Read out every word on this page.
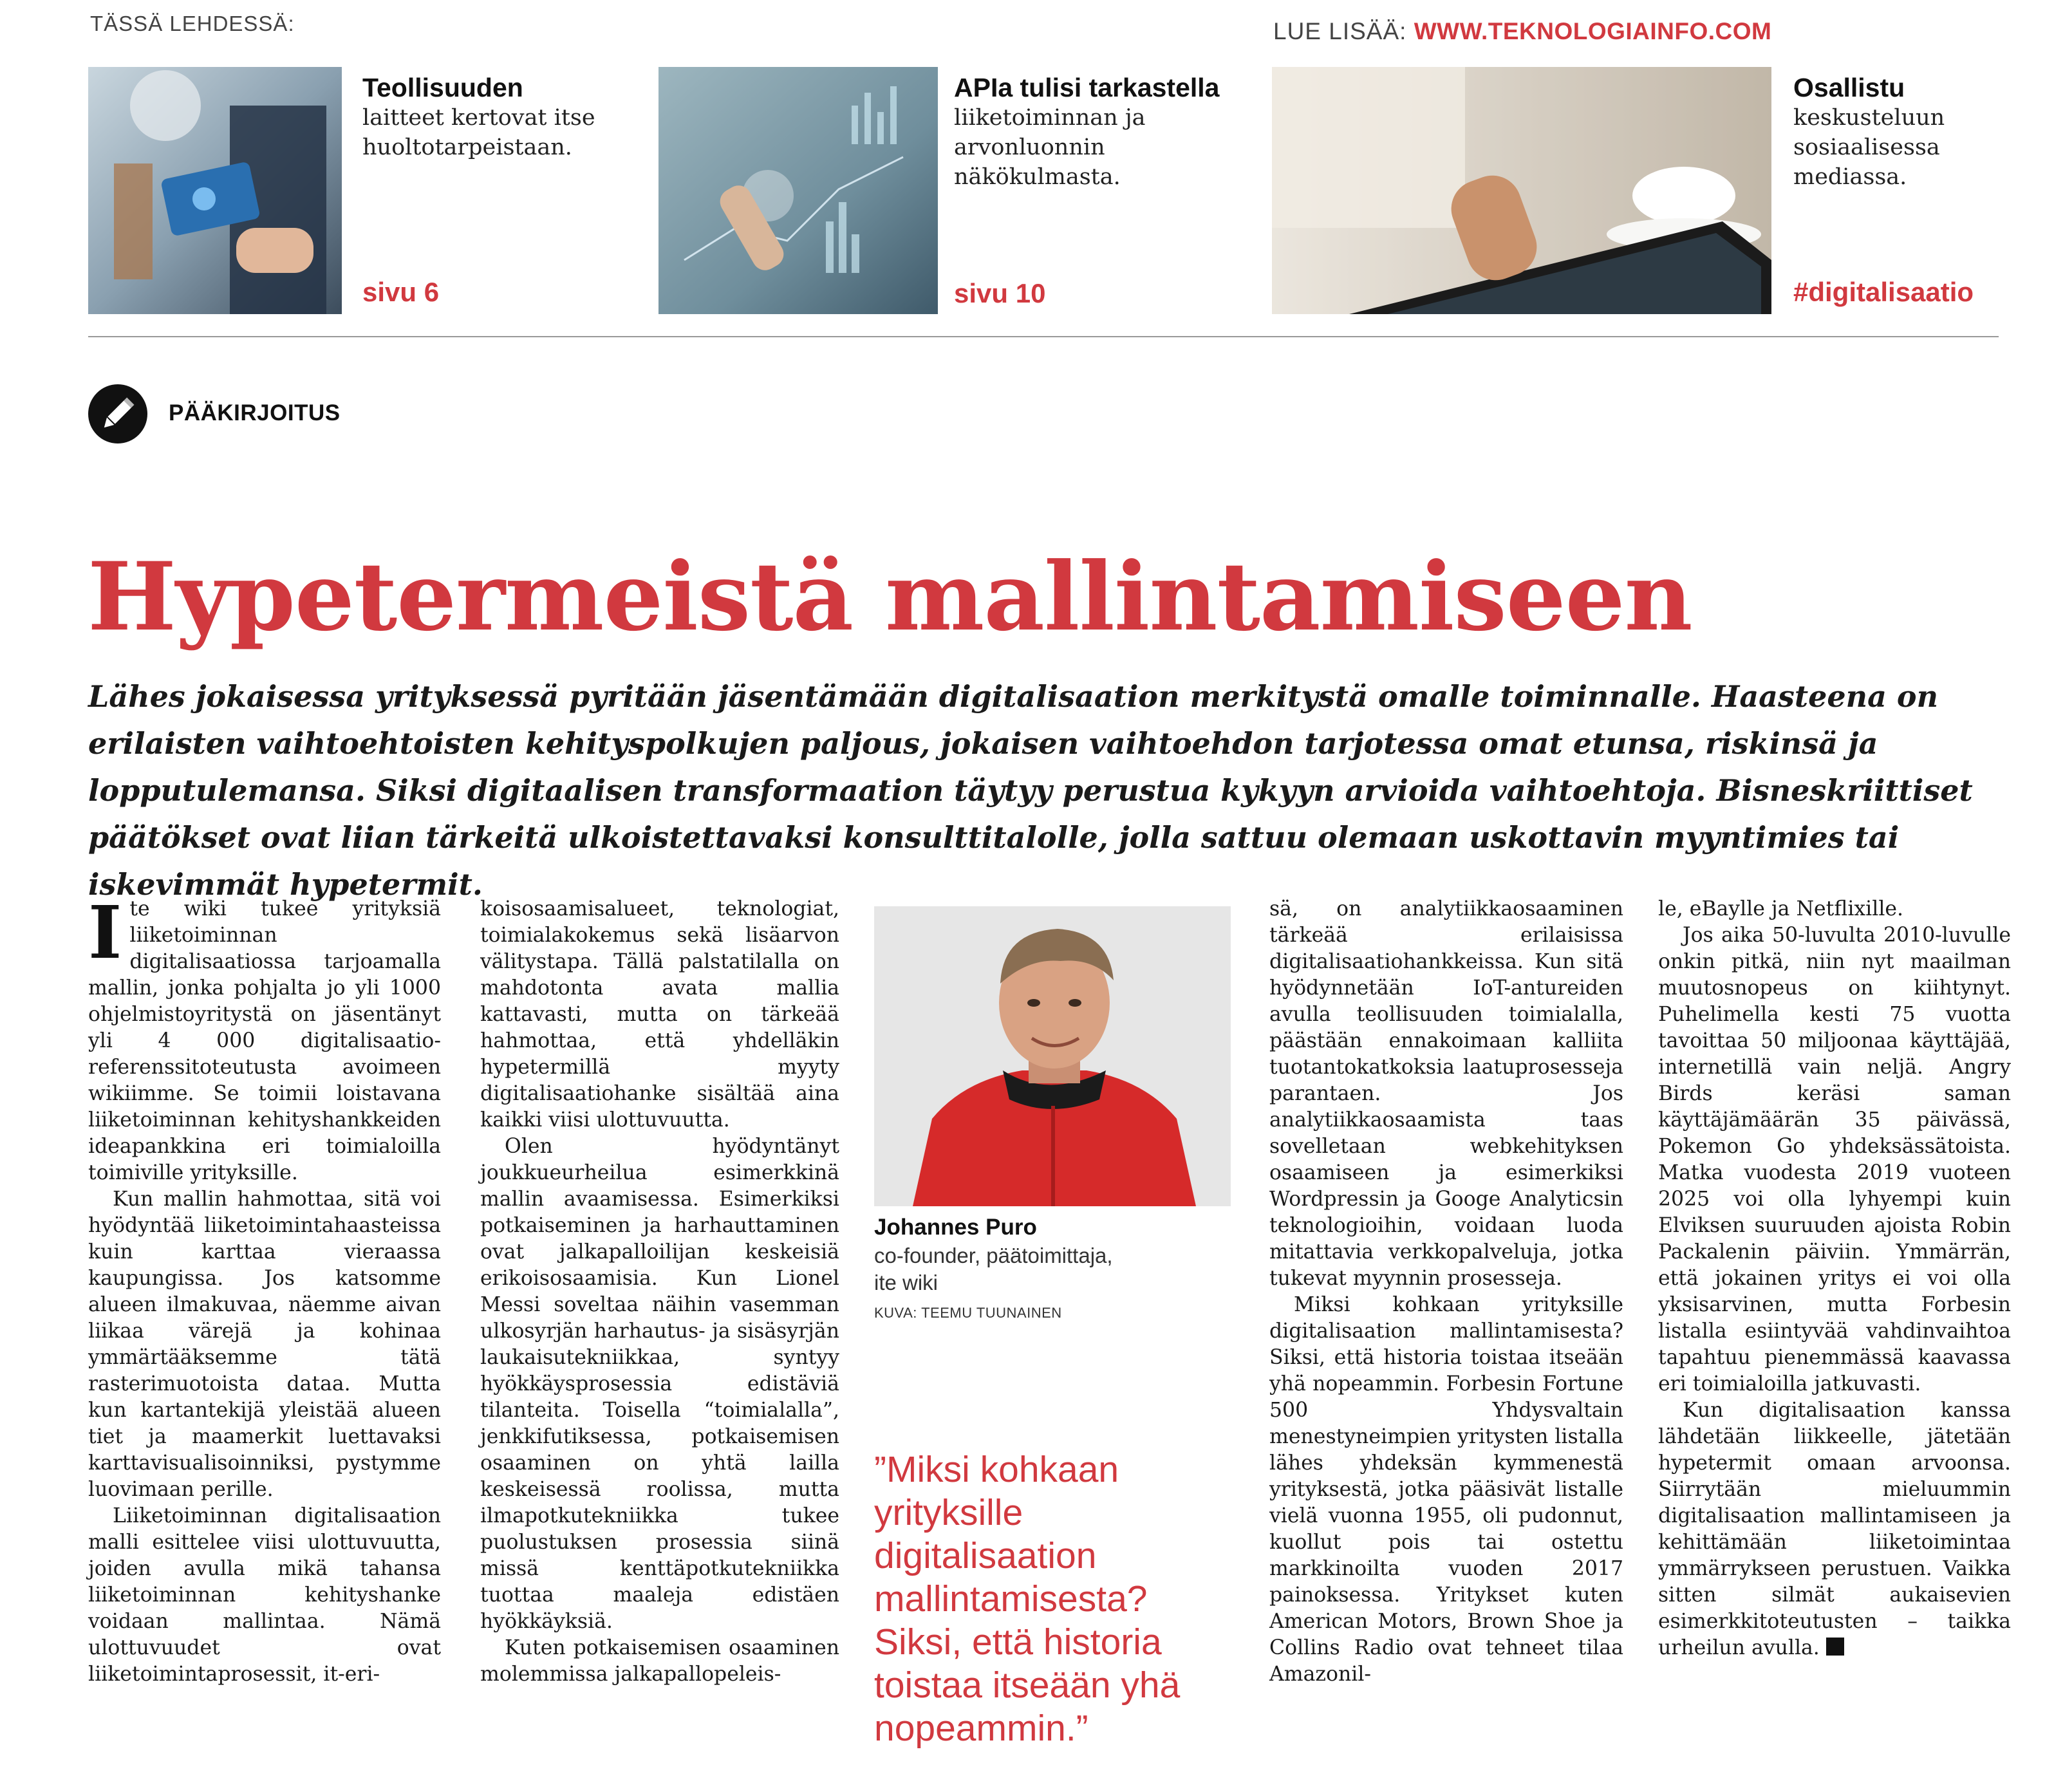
TÄSSÄ LEHDESSÄ:	LUE LISÄÄ: WWW.TEKNOLOGIAINFO.COM
Teollisuuden
laitteet kertovat itse huoltotarpeistaan.
sivu 6
APIa tulisi tarkastella
liiketoiminnan ja arvonluonnin näkökulmasta.
sivu 10
Osallistu
keskusteluun sosiaalisessa mediassa.
#digitalisaatio
PÄÄKIRJOITUS
Hypetermeistä mallintamiseen
Lähes jokaisessa yrityksessä pyritään jäsentämään digitalisaation merkitystä omalle toiminnalle. Haasteena on erilaisten vaihtoehtoisten kehityspolkujen paljous, jokaisen vaihtoehdon tarjotessa omat etunsa, riskinsä ja lopputulemansa. Siksi digitaalisen transformaation täytyy perustua kykyyn arvioida vaihtoehtoja. Bisneskriittiset päätökset ovat liian tärkeitä ulkoistettavaksi konsulttitalolle, jolla sattuu olemaan uskottavin myyntimies tai iskevimmät hypetermit.

Ite wiki tukee yrityksiä liiketoiminnan digitalisaatiossa tarjoamalla mallin, jonka pohjalta jo yli 1000 ohjelmistoyritystä on jäsentänyt yli 4 000 digitalisaatio-referenssitoteutusta avoimeen wikiimme. Se toimii loistavana liiketoiminnan kehityshankkeiden ideapankkina eri toimialoilla toimiville yrityksille.

Kun mallin hahmottaa, sitä voi hyödyntää liiketoimintahaasteissa kuin karttaa vieraassa kaupungissa. Jos katsomme alueen ilmakuvaa, näemme aivan liikaa värejä ja kohinaa ymmärtääksemme tätä rasterimuotoista dataa. Mutta kun kartantekijä yleistää alueen tiet ja maamerkit luettavaksi karttavisualisoinniksi, pystymme luovimaan perille.

Liiketoiminnan digitalisaation malli esittelee viisi ulottuvuutta, joiden avulla mikä tahansa liiketoiminnan kehityshanke voidaan mallintaa. Nämä ulottuvuudet ovat liiketoimintaprosessit, it-eri-

koisosaamisalueet, teknologiat, toimialakokemus sekä lisäarvon välitystapa. Tällä palstatilalla on mahdotonta avata mallia kattavasti, mutta on tärkeää hahmottaa, että yhdelläkin hypetermillä myyty digitalisaatiohanke sisältää aina kaikki viisi ulottuvuutta.

Olen hyödyntänyt joukkueurheilua esimerkkinä mallin avaamisessa. Esimerkiksi potkaiseminen ja harhauttaminen ovat jalkapalloilijan keskeisiä erikoisosaamisia. Kun Lionel Messi soveltaa näihin vasemman ulkosyrjän harhautus- ja sisäsyrjän laukaisutekniikkaa, syntyy hyökkäysprosessia edistäviä tilanteita. Toisella “toimialalla”, jenkkifutiksessa, potkaisemisen osaaminen on yhtä lailla keskeisessä roolissa, mutta ilmapotkutekniikka tukee puolustuksen prosessia siinä missä kenttäpotkutekniikka tuottaa maaleja edistäen hyökkäyksiä.

Kuten potkaisemisen osaaminen molemmissa jalkapallopeleis-

Johannes Puro
co-founder, päätoimittaja,
ite wiki
KUVA: TEEMU TUUNAINEN
”Miksi kohkaan yrityksille digitalisaation mallintamisesta? Siksi, että historia toistaa itseään yhä nopeammin.”

sä, on analytiikkaosaaminen tärkeää erilaisissa digitalisaatiohankkeissa. Kun sitä hyödynnetään IoT-antureiden avulla teollisuuden toimialalla, päästään ennakoimaan kalliita tuotantokatkoksia laatuprosesseja parantaen. Jos analytiikkaosaamista taas sovelletaan webkehityksen osaamiseen ja esimerkiksi Wordpressin ja Googe Analyticsin teknologioihin, voidaan luoda mitattavia verkkopalveluja, jotka tukevat myynnin prosesseja.

Miksi kohkaan yrityksille digitalisaation mallintamisesta? Siksi, että historia toistaa itseään yhä nopeammin. Forbesin Fortune 500 Yhdysvaltain menestyneimpien yritysten listalla lähes yhdeksän kymmenestä yrityksestä, jotka pääsivät listalle vielä vuonna 1955, oli pudonnut, kuollut pois tai ostettu markkinoilta vuoden 2017 painoksessa. Yritykset kuten American Motors, Brown Shoe ja Collins Radio ovat tehneet tilaa Amazonil-

le, eBaylle ja Netflixille.

Jos aika 50-luvulta 2010-luvulle onkin pitkä, niin nyt maailman muutosnopeus on kiihtynyt. Puhelimella kesti 75 vuotta tavoittaa 50 miljoonaa käyttäjää, internetillä vain neljä. Angry Birds keräsi saman käyttäjämäärän 35 päivässä, Pokemon Go yhdeksässätoista. Matka vuodesta 2019 vuoteen 2025 voi olla lyhyempi kuin Elviksen suuruuden ajoista Robin Packalenin päiviin. Ymmärrän, että jokainen yritys ei voi olla yksisarvinen, mutta Forbesin listalla esiintyvää vahdinvaihtoa tapahtuu pienemmässä kaavassa eri toimialoilla jatkuvasti.

Kun digitalisaation kanssa lähdetään liikkeelle, jätetään hypetermit omaan arvoonsa. Siirrytään mieluummin digitalisaation mallintamiseen ja kehittämään liiketoimintaa ymmärrykseen perustuen. Vaikka sitten silmät aukaisevien esimerkkitoteutusten – taikka urheilun avulla.
